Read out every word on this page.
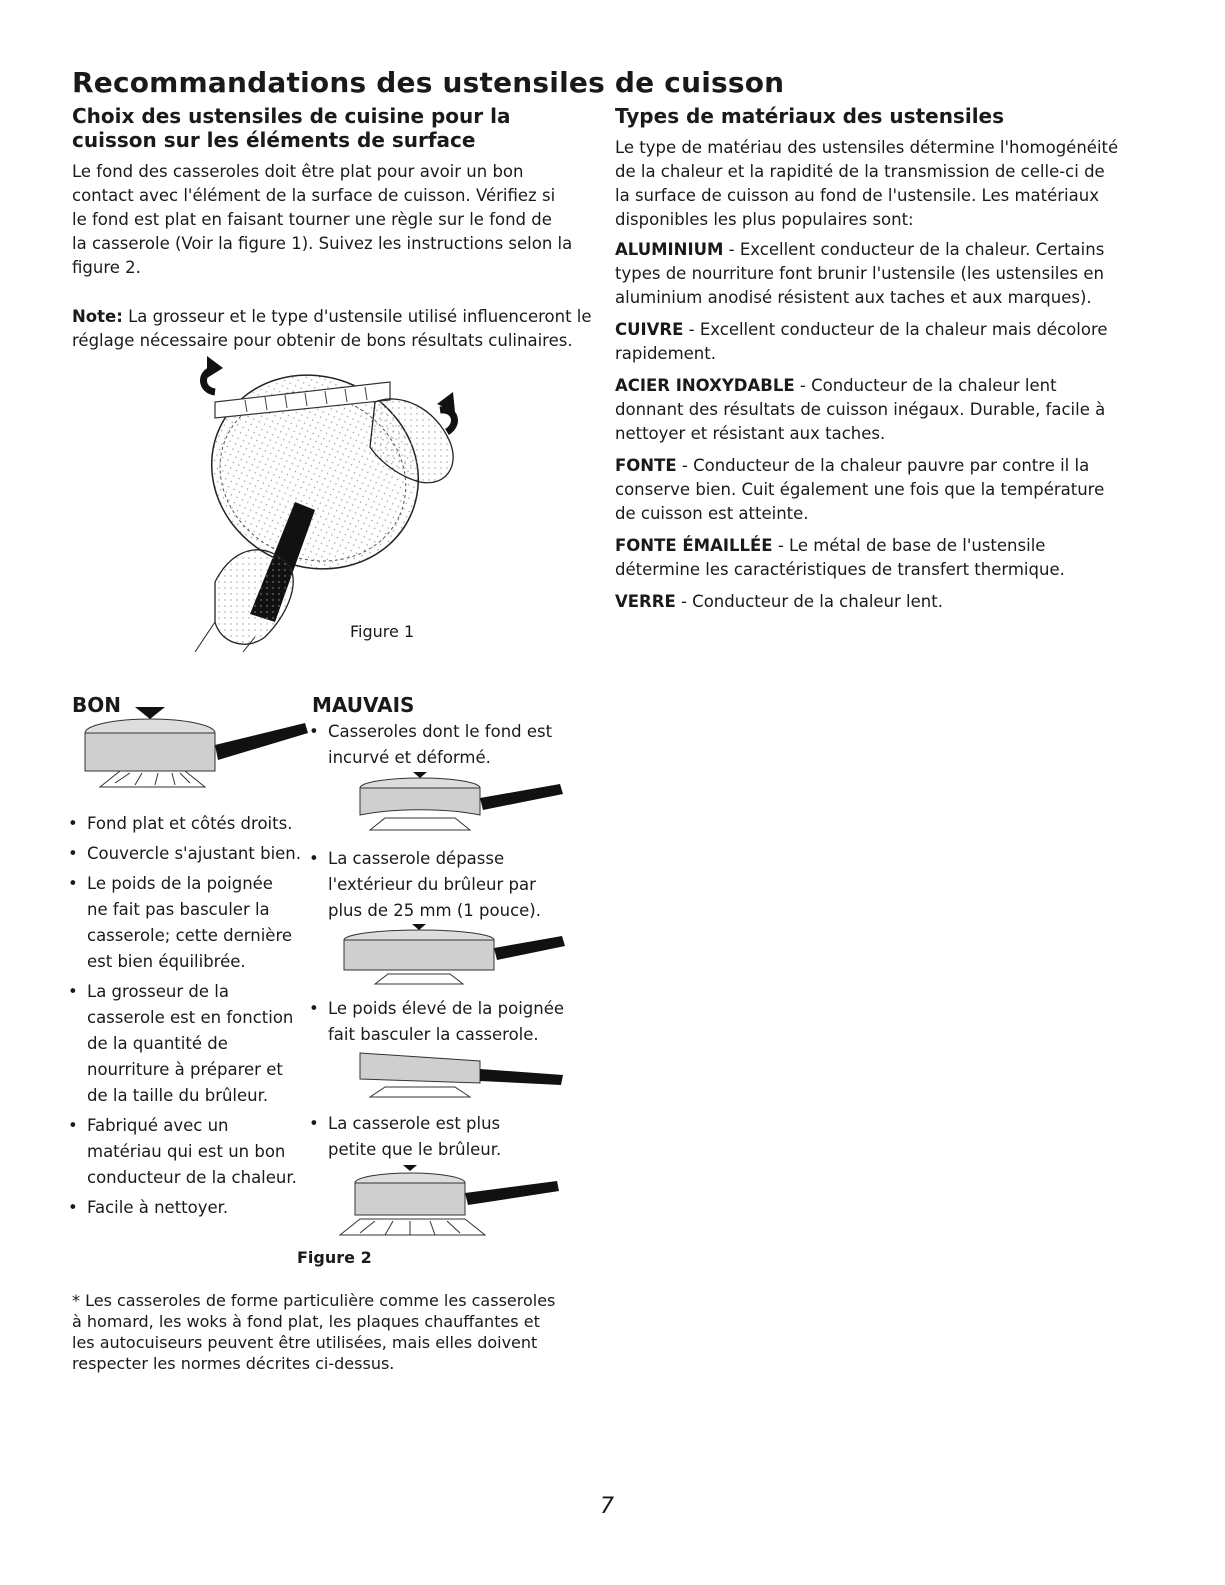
Recommandations des ustensiles de cuisson
Choix des ustensiles de cuisine pour la cuisson sur les éléments de surface
Le fond des casseroles doit être plat pour avoir un bon
contact avec l'élément de la surface de cuisson. Vérifiez si
le fond est plat en faisant tourner une règle sur le fond de
la casserole (Voir la figure 1). Suivez les instructions selon la
figure 2.
Note: La grosseur et le type d'ustensile utilisé influenceront le
réglage nécessaire pour obtenir de bons résultats culinaires.
Figure 1
BON
• Fond plat et côtés droits.
• Couvercle s'ajustant bien.
• Le poids de la poignée
ne fait pas basculer la
casserole; cette dernière
est bien équilibrée.
• La grosseur de la
casserole est en fonction
de la quantité de
nourriture à préparer et
de la taille du brûleur.
• Fabriqué avec un
matériau qui est un bon
conducteur de la chaleur.
• Facile à nettoyer.
MAUVAIS
• Casseroles dont le fond est
incurvé et déformé.
• La casserole dépasse
l'extérieur du brûleur par
plus de 25 mm (1 pouce).
• Le poids élevé de la poignée
fait basculer la casserole.
• La casserole est plus
petite que le brûleur.
Figure 2
* Les casseroles de forme particulière comme les casseroles
à homard, les woks à fond plat, les plaques chauffantes et
les autocuiseurs peuvent être utilisées, mais elles doivent
respecter les normes décrites ci-dessus.
Types de matériaux des ustensiles
Le type de matériau des ustensiles détermine l'homogénéité
de la chaleur et la rapidité de la transmission de celle-ci de
la surface de cuisson au fond de l'ustensile. Les matériaux
disponibles les plus populaires sont:

ALUMINIUM - Excellent conducteur de la chaleur. Certains
types de nourriture font brunir l'ustensile (les ustensiles en
aluminium anodisé résistent aux taches et aux marques).

CUIVRE - Excellent conducteur de la chaleur mais décolore
rapidement.

ACIER INOXYDABLE - Conducteur de la chaleur lent
donnant des résultats de cuisson inégaux. Durable, facile à
nettoyer et résistant aux taches.

FONTE - Conducteur de la chaleur pauvre par contre il la
conserve bien. Cuit également une fois que la température
de cuisson est atteinte.

FONTE ÉMAILLÉE - Le métal de base de l'ustensile
détermine les caractéristiques de transfert thermique.

VERRE - Conducteur de la chaleur lent.

7
